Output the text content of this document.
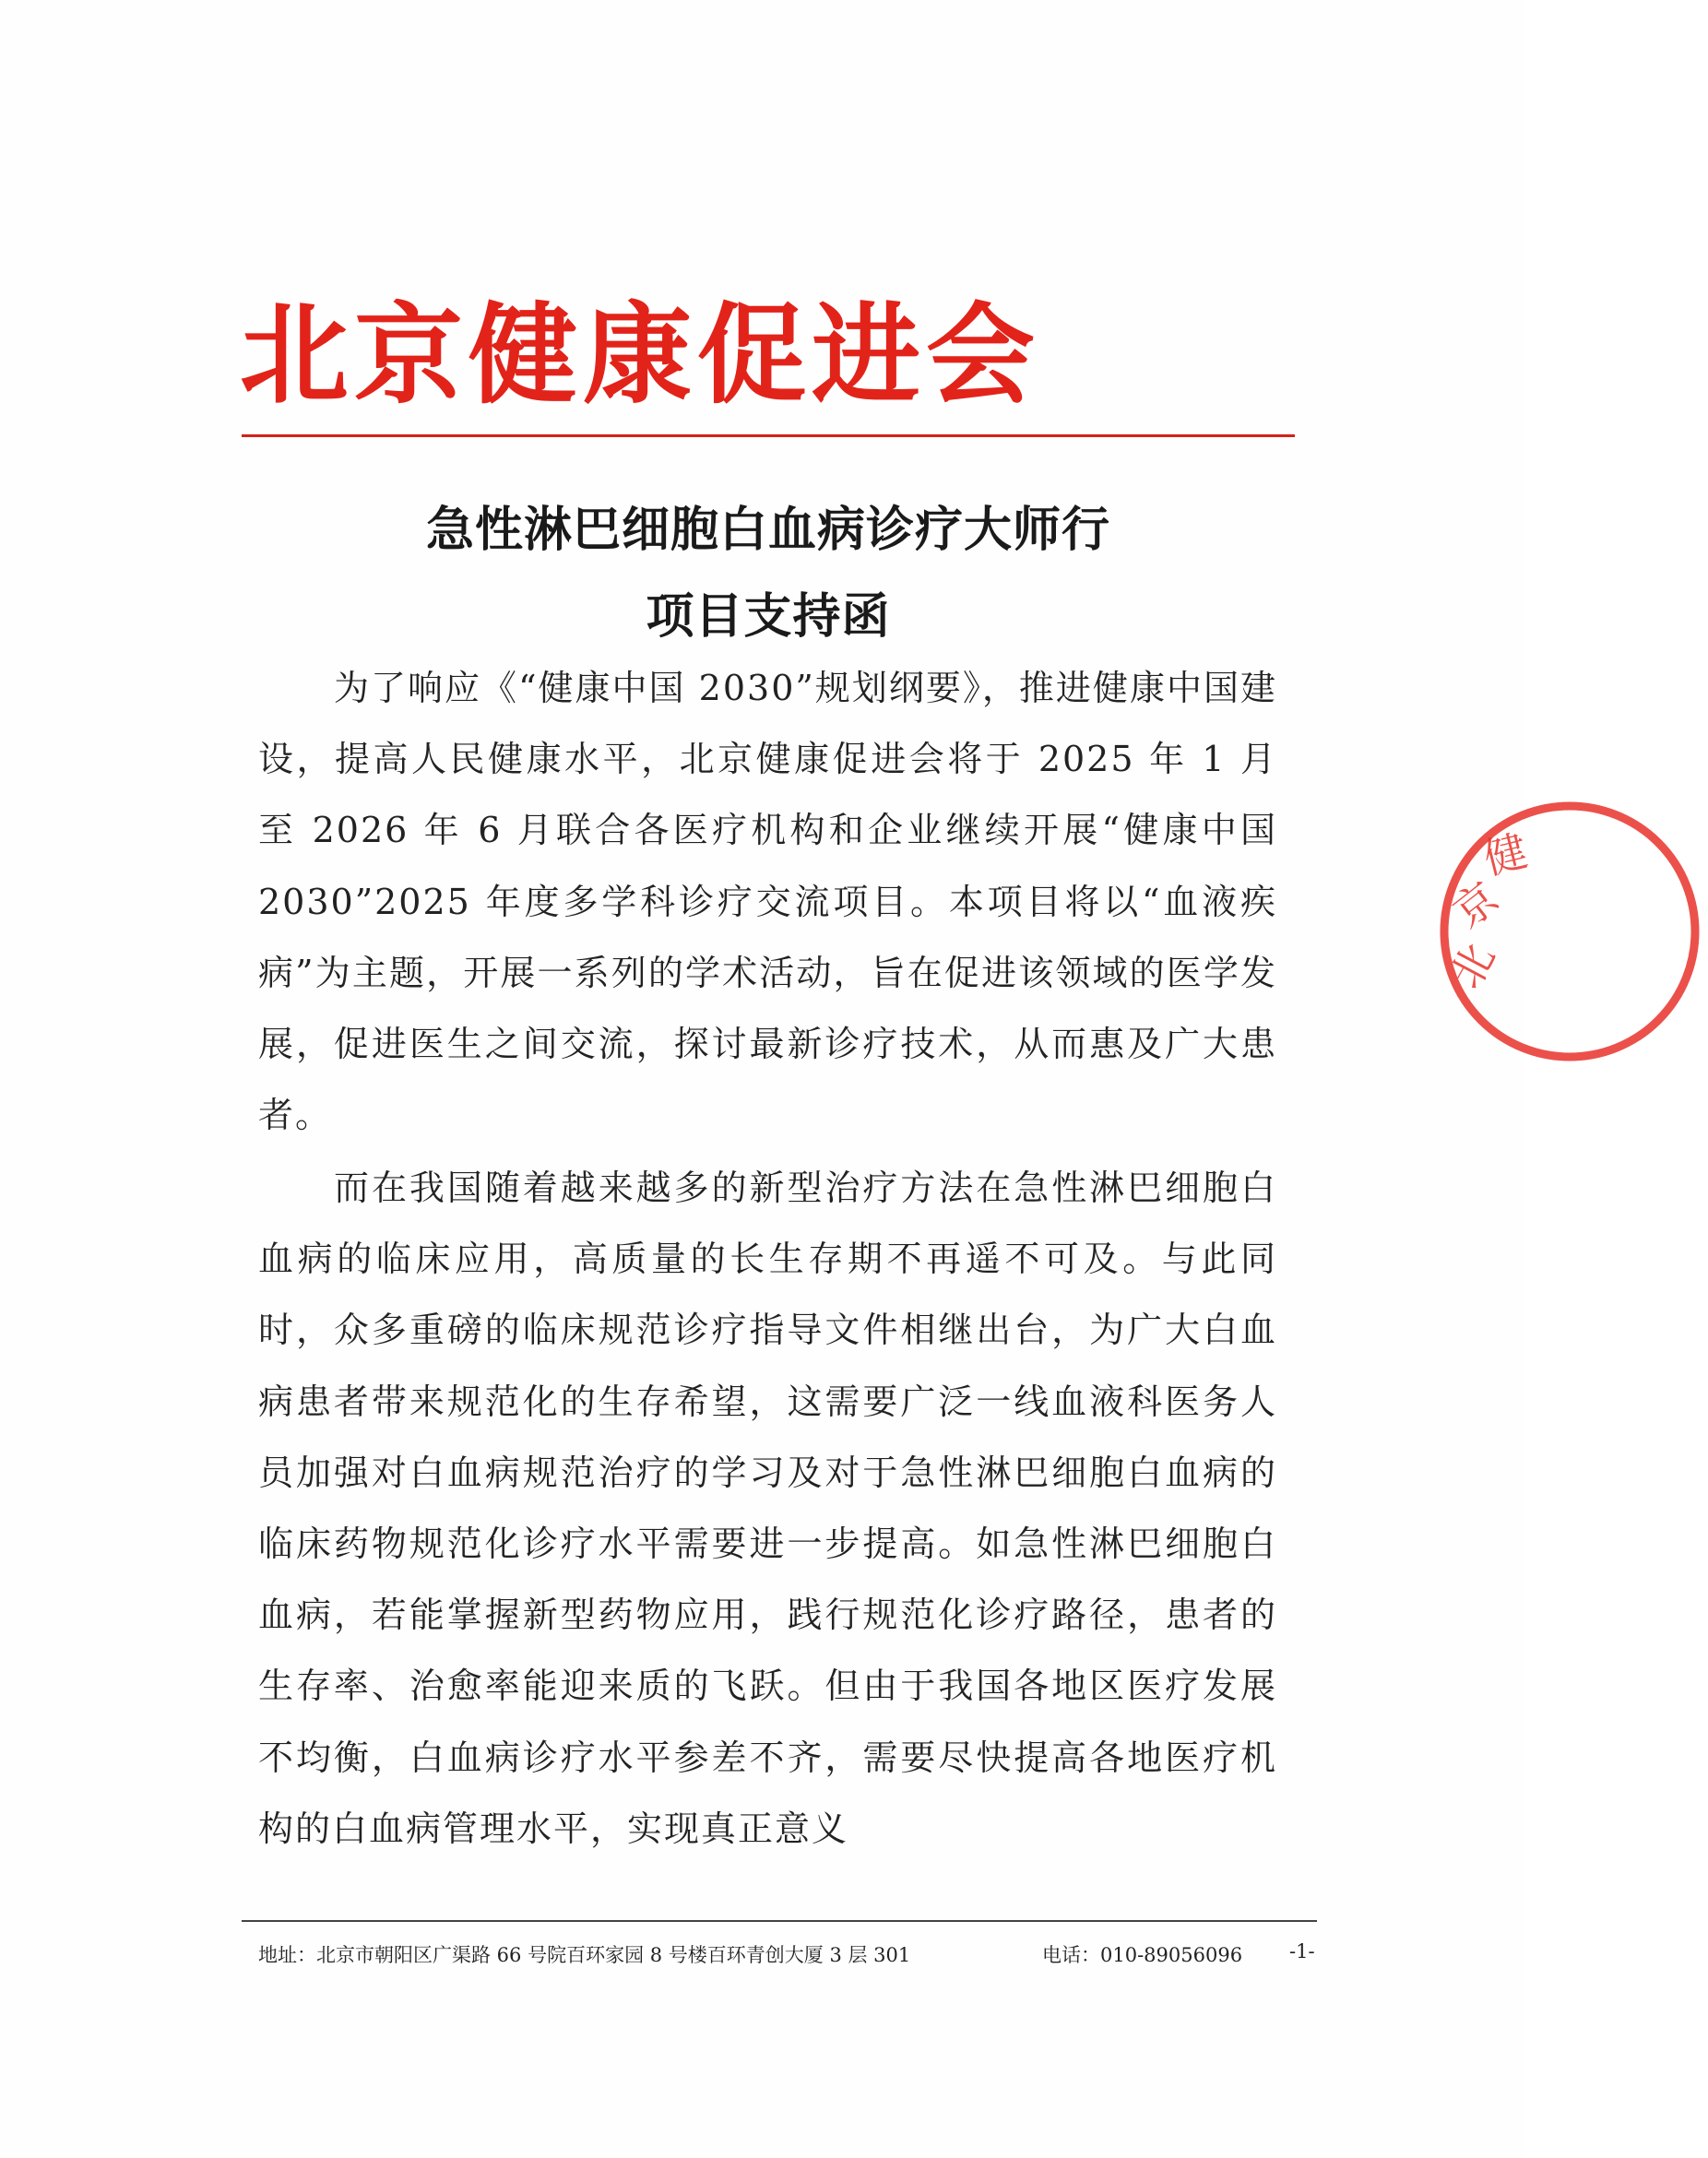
北京健康促进会
急性淋巴细胞白血病诊疗大师行
项目支持函

为了响应《“健康中国 2030”规划纲要》，推进健康中国建设，提高人民健康水平，北京健康促进会将于 2025 年 1 月至 2026 年 6 月联合各医疗机构和企业继续开展“健康中国 2030”2025 年度多学科诊疗交流项目。本项目将以“血液疾病”为主题，开展一系列的学术活动，旨在促进该领域的医学发展，促进医生之间交流，探讨最新诊疗技术，从而惠及广大患者。

而在我国随着越来越多的新型治疗方法在急性淋巴细胞白血病的临床应用，高质量的长生存期不再遥不可及。与此同时，众多重磅的临床规范诊疗指导文件相继出台，为广大白血病患者带来规范化的生存希望，这需要广泛一线血液科医务人员加强对白血病规范治疗的学习及对于急性淋巴细胞白血病的临床药物规范化诊疗水平需要进一步提高。如急性淋巴细胞白血病，若能掌握新型药物应用，践行规范化诊疗路径，患者的生存率、治愈率能迎来质的飞跃。但由于我国各地区医疗发展不均衡，白血病诊疗水平参差不齐，需要尽快提高各地医疗机构的白血病管理水平，实现真正意义

北
京
健
地址：北京市朝阳区广渠路 66 号院百环家园 8 号楼百环青创大厦 3 层 301	电话：010-89056096 -1-
